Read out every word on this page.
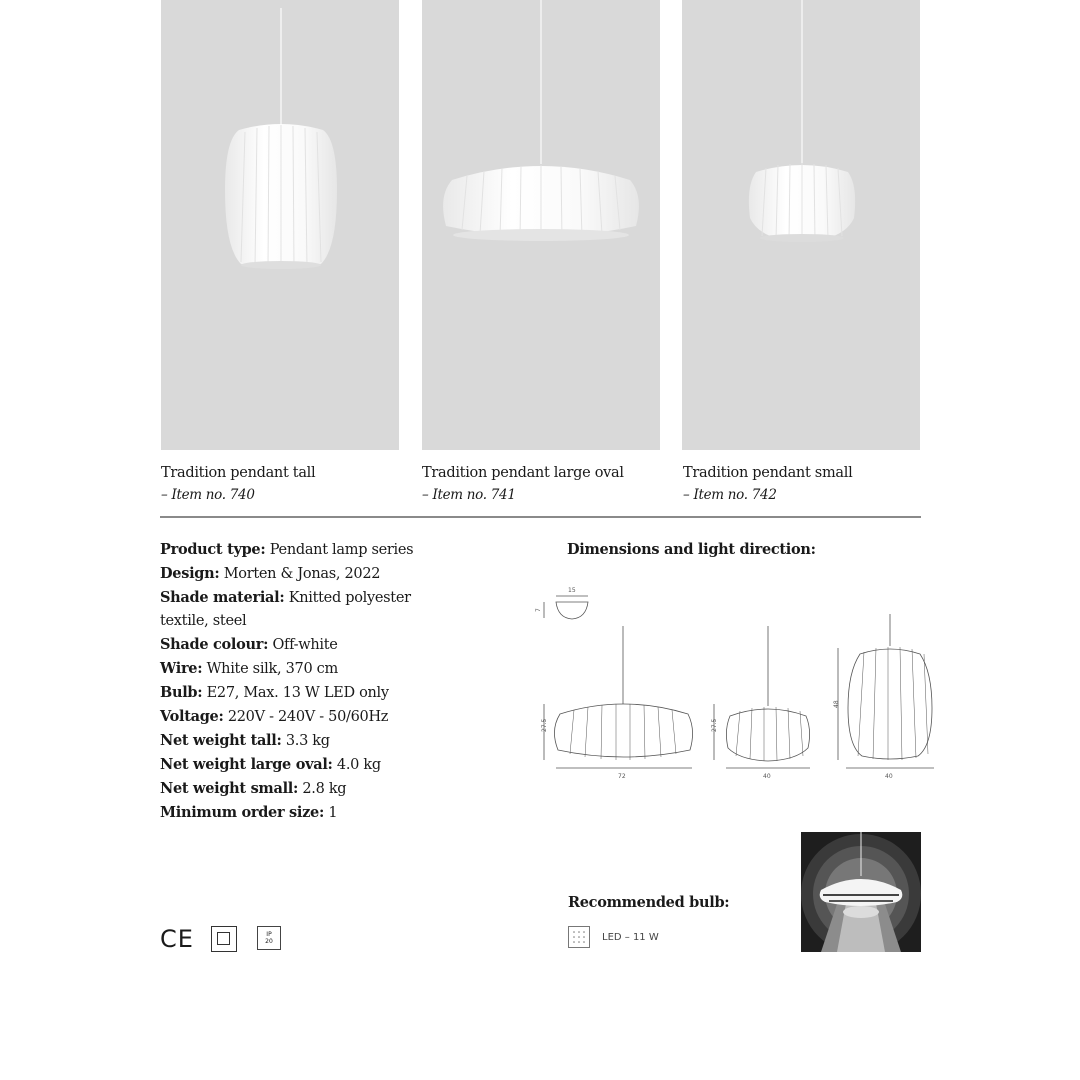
Tradition pendant tall
– Item no. 740
Tradition pendant large oval
– Item no. 741
Tradition pendant small
– Item no. 742

Product type: Pendant lamp series

Design: Morten & Jonas, 2022

Shade material: Knitted polyester textile, steel

Shade colour: Off-white

Wire: White silk, 370 cm

Bulb: E27, Max. 13 W LED only

Voltage: 220V - 240V - 50/60Hz

Net weight tall: 3.3 kg

Net weight large oval: 4.0 kg

Net weight small: 2.8 kg

Minimum order size: 1

Dimensions and light direction:
15
7
27.5
72
27.5
40
48
40
Recommended bulb:
LED – 11 W
CE	IP
20
